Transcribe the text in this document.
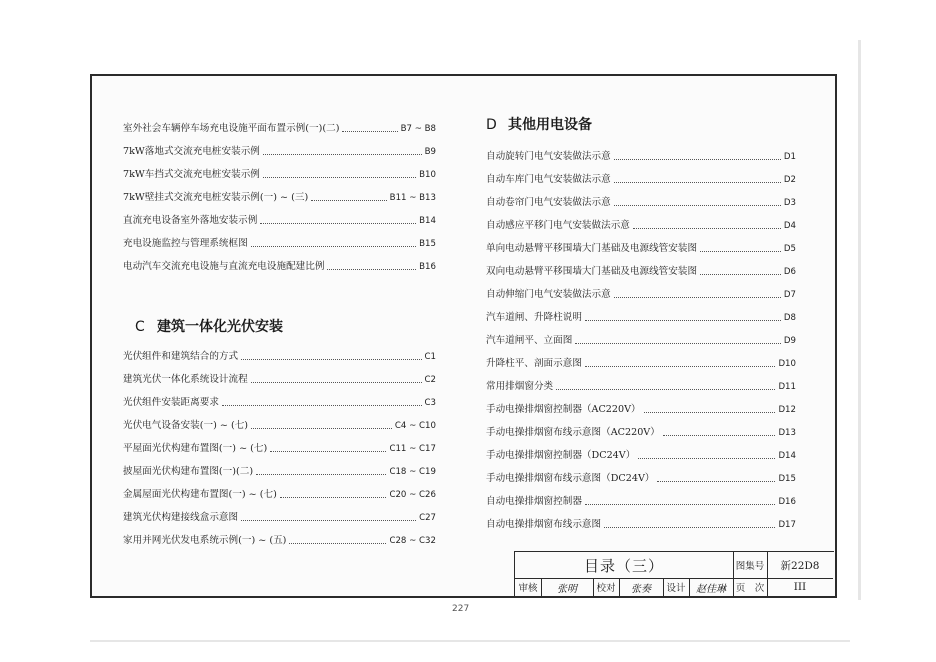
室外社会车辆停车场充电设施平面布置示例(一)(二)	B7 ~ B8
7kW落地式交流充电桩安装示例	B9
7kW车挡式交流充电桩安装示例	B10
7kW壁挂式交流充电桩安装示例(一) ~ (三)	B11 ~ B13
直流充电设备室外落地安装示例	B14
充电设施监控与管理系统框图	B15
电动汽车交流充电设施与直流充电设施配建比例	B16
C 建筑一体化光伏安装
光伏组件和建筑结合的方式	C1
建筑光伏一体化系统设计流程	C2
光伏组件安装距离要求	C3
光伏电气设备安装(一) ~ (七)	C4 ~ C10
平屋面光伏构建布置图(一) ~ (七)	C11 ~ C17
披屋面光伏构建布置图(一)(二)	C18 ~ C19
金属屋面光伏构建布置图(一) ~ (七)	C20 ~ C26
建筑光伏构建接线盒示意图	C27
家用并网光伏发电系统示例(一) ~ (五)	C28 ~ C32
D 其他用电设备
自动旋转门电气安装做法示意	D1
自动车库门电气安装做法示意	D2
自动卷帘门电气安装做法示意	D3
自动感应平移门电气安装做法示意	D4
单向电动悬臂平移围墙大门基础及电源线管安装图	D5
双向电动悬臂平移围墙大门基础及电源线管安装图	D6
自动伸缩门电气安装做法示意	D7
汽车道闸、升降柱说明	D8
汽车道闸平、立面图	D9
升降柱平、剖面示意图	D10
常用排烟窗分类	D11
手动电操排烟窗控制器（AC220V）	D12
手动电操排烟窗布线示意图（AC220V）	D13
手动电操排烟窗控制器（DC24V）	D14
手动电操排烟窗布线示意图（DC24V）	D15
自动电操排烟窗控制器	D16
自动电操排烟窗布线示意图	D17
目录（三）	图集号	新22D8
审核	张明	校对	张奏	设计	赵佳琳	页　次	III
227
